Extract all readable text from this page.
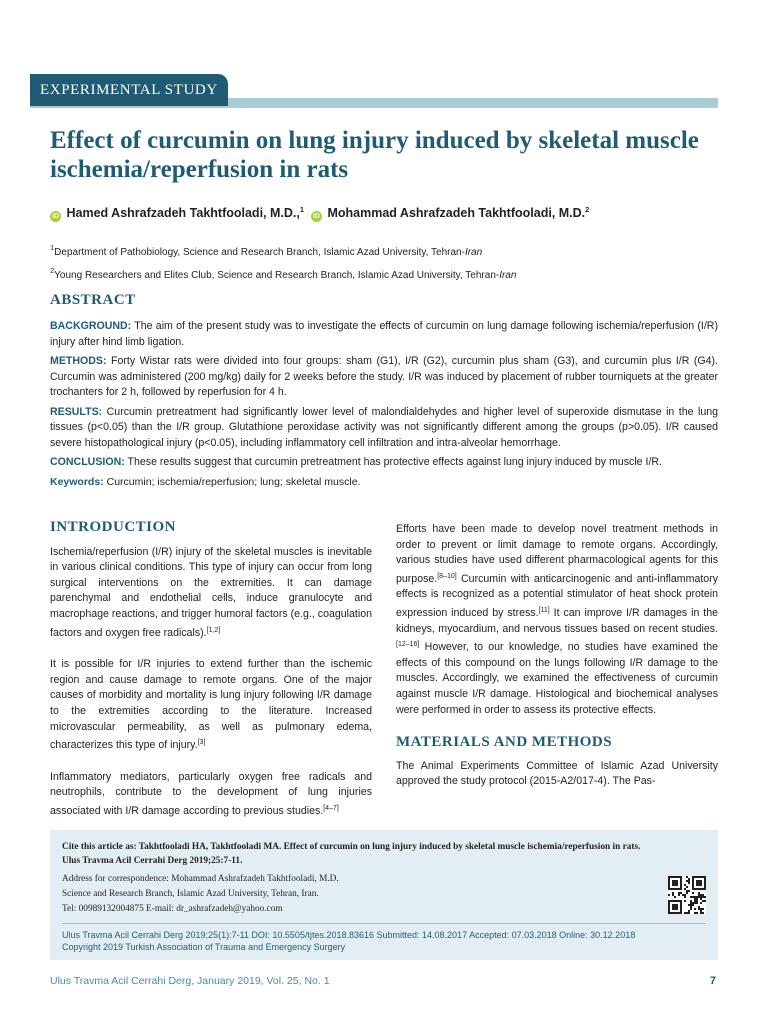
EXPERIMENTAL STUDY
Effect of curcumin on lung injury induced by skeletal muscle ischemia/reperfusion in rats
iD Hamed Ashrafzadeh Takhtfooladi, M.D.,$^1$  iD Mohammad Ashrafzadeh Takhtfooladi, M.D.$^2$
$^1$Department of Pathobiology, Science and Research Branch, Islamic Azad University, Tehran-Iran
$^2$Young Researchers and Elites Club, Science and Research Branch, Islamic Azad University, Tehran-Iran
ABSTRACT

BACKGROUND: The aim of the present study was to investigate the effects of curcumin on lung damage following ischemia/reperfusion (I/R) injury after hind limb ligation.

METHODS: Forty Wistar rats were divided into four groups: sham (G1), I/R (G2), curcumin plus sham (G3), and curcumin plus I/R (G4). Curcumin was administered (200 mg/kg) daily for 2 weeks before the study. I/R was induced by placement of rubber tourniquets at the greater trochanters for 2 h, followed by reperfusion for 4 h.

RESULTS: Curcumin pretreatment had significantly lower level of malondialdehydes and higher level of superoxide dismutase in the lung tissues (p<0.05) than the I/R group. Glutathione peroxidase activity was not significantly different among the groups (p>0.05). I/R caused severe histopathological injury (p<0.05), including inflammatory cell infiltration and intra-alveolar hemorrhage.

CONCLUSION: These results suggest that curcumin pretreatment has protective effects against lung injury induced by muscle I/R.

Keywords: Curcumin; ischemia/reperfusion; lung; skeletal muscle.

INTRODUCTION

Ischemia/reperfusion (I/R) injury of the skeletal muscles is inevitable in various clinical conditions. This type of injury can occur from long surgical interventions on the extremities. It can damage parenchymal and endothelial cells, induce granulocyte and macrophage reactions, and trigger humoral factors (e.g., coagulation factors and oxygen free radicals).[1,2]

It is possible for I/R injuries to extend further than the ischemic region and cause damage to remote organs. One of the major causes of morbidity and mortality is lung injury following I/R damage to the extremities according to the literature. Increased microvascular permeability, as well as pulmonary edema, characterizes this type of injury.[3]

Inflammatory mediators, particularly oxygen free radicals and neutrophils, contribute to the development of lung injuries associated with I/R damage according to previous studies.[4–7]

Efforts have been made to develop novel treatment methods in order to prevent or limit damage to remote organs. Accordingly, various studies have used different pharmacological agents for this purpose.[8–10] Curcumin with anticarcinogenic and anti-inflammatory effects is recognized as a potential stimulator of heat shock protein expression induced by stress.[11] It can improve I/R damages in the kidneys, myocardium, and nervous tissues based on recent studies.[12–16] However, to our knowledge, no studies have examined the effects of this compound on the lungs following I/R damage to the muscles. Accordingly, we examined the effectiveness of curcumin against muscle I/R damage. Histological and biochemical analyses were performed in order to assess its protective effects.

MATERIALS AND METHODS

The Animal Experiments Committee of Islamic Azad University approved the study protocol (2015-A2/017-4). The Pas-

Cite this article as: Takhtfooladi HA, Takhtfooladi MA. Effect of curcumin on lung injury induced by skeletal muscle ischemia/reperfusion in rats.
Ulus Travma Acil Cerrahi Derg 2019;25:7-11.
Address for correspondence: Mohammad Ashrafzadeh Takhtfooladi, M.D.
Science and Research Branch, Islamic Azad University, Tehran, Iran.
Tel: 00989132004875 E-mail: dr_ashrafzadeh@yahoo.com
Ulus Travma Acil Cerrahi Derg 2019;25(1):7-11 DOI: 10.5505/tjtes.2018.83616 Submitted: 14.08.2017 Accepted: 07.03.2018 Online: 30.12.2018
Copyright 2019 Turkish Association of Trauma and Emergency Surgery
Ulus Travma Acil Cerrahi Derg, January 2019, Vol. 25, No. 1	7
